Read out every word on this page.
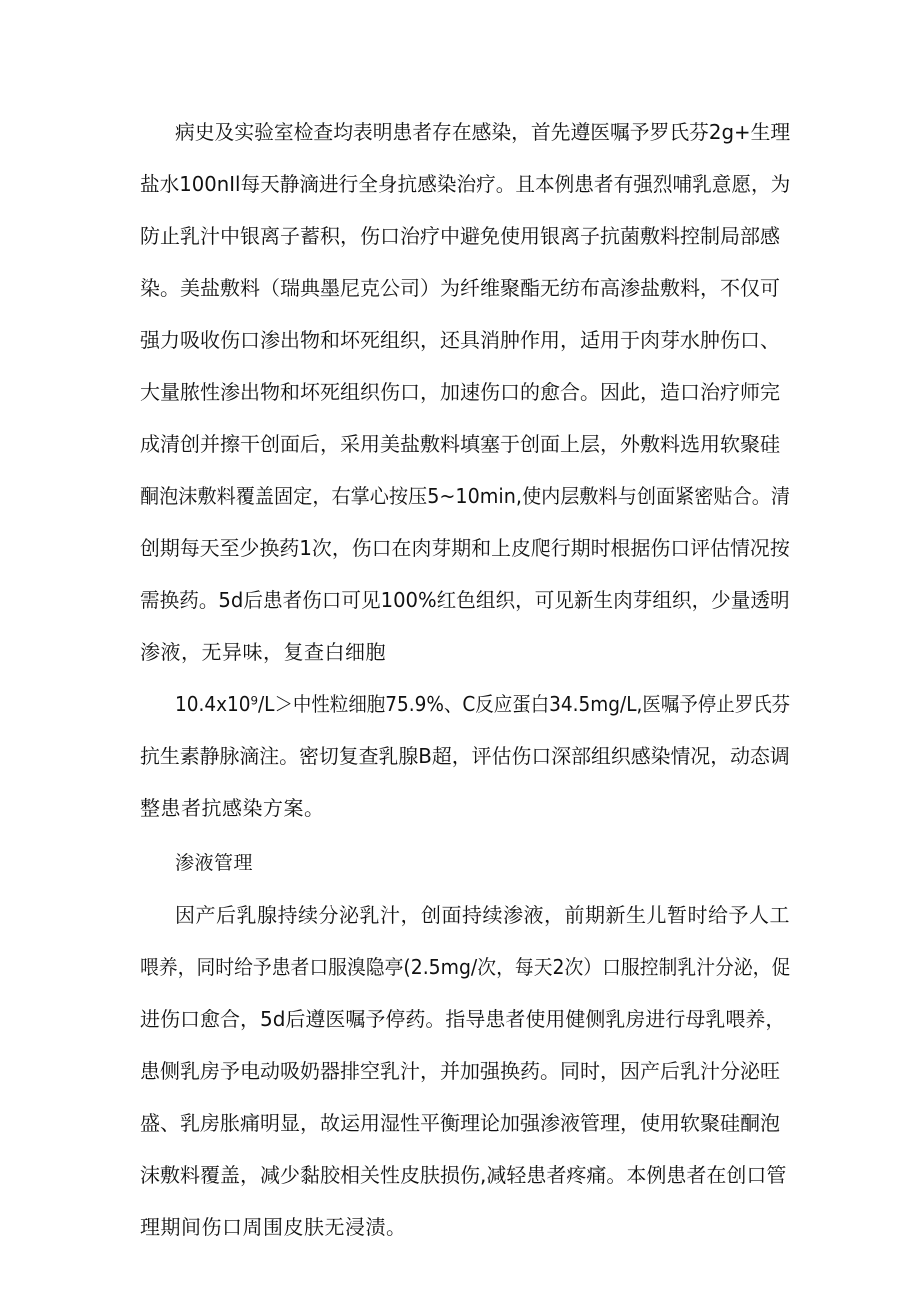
病史及实验室检查均表明患者存在感染，首先遵医嘱予罗氏芬2g+生理
盐水100nIl每天静滴进行全身抗感染治疗。且本例患者有强烈哺乳意愿，为
防止乳汁中银离子蓄积，伤口治疗中避免使用银离子抗菌敷料控制局部感
染。美盐敷料（瑞典墨尼克公司）为纤维聚酯无纺布高渗盐敷料，不仅可
强力吸收伤口渗出物和坏死组织，还具消肿作用，适用于肉芽水肿伤口、
大量脓性渗出物和坏死组织伤口，加速伤口的愈合。因此，造口治疗师完
成清创并擦干创面后，采用美盐敷料填塞于创面上层，外敷料选用软聚硅
酮泡沫敷料覆盖固定，右掌心按压5~10min,使内层敷料与创面紧密贴合。清
创期每天至少换药1次，伤口在肉芽期和上皮爬行期时根据伤口评估情况按
需换药。5d后患者伤口可见100%红色组织，可见新生肉芽组织，少量透明
渗液，无异味，复查白细胞
10.4x10⁹/L＞中性粒细胞75.9%、C反应蛋白34.5mg/L,医嘱予停止罗氏芬
抗生素静脉滴注。密切复查乳腺B超，评估伤口深部组织感染情况，动态调
整患者抗感染方案。
渗液管理
因产后乳腺持续分泌乳汁，创面持续渗液，前期新生儿暂时给予人工
喂养，同时给予患者口服溴隐亭(2.5mg/次，每天2次）口服控制乳汁分泌，促
进伤口愈合，5d后遵医嘱予停药。指导患者使用健侧乳房进行母乳喂养，
患侧乳房予电动吸奶器排空乳汁，并加强换药。同时，因产后乳汁分泌旺
盛、乳房胀痛明显，故运用湿性平衡理论加强渗液管理，使用软聚硅酮泡
沫敷料覆盖，减少黏胶相关性皮肤损伤,减轻患者疼痛。本例患者在创口管
理期间伤口周围皮肤无浸渍。
